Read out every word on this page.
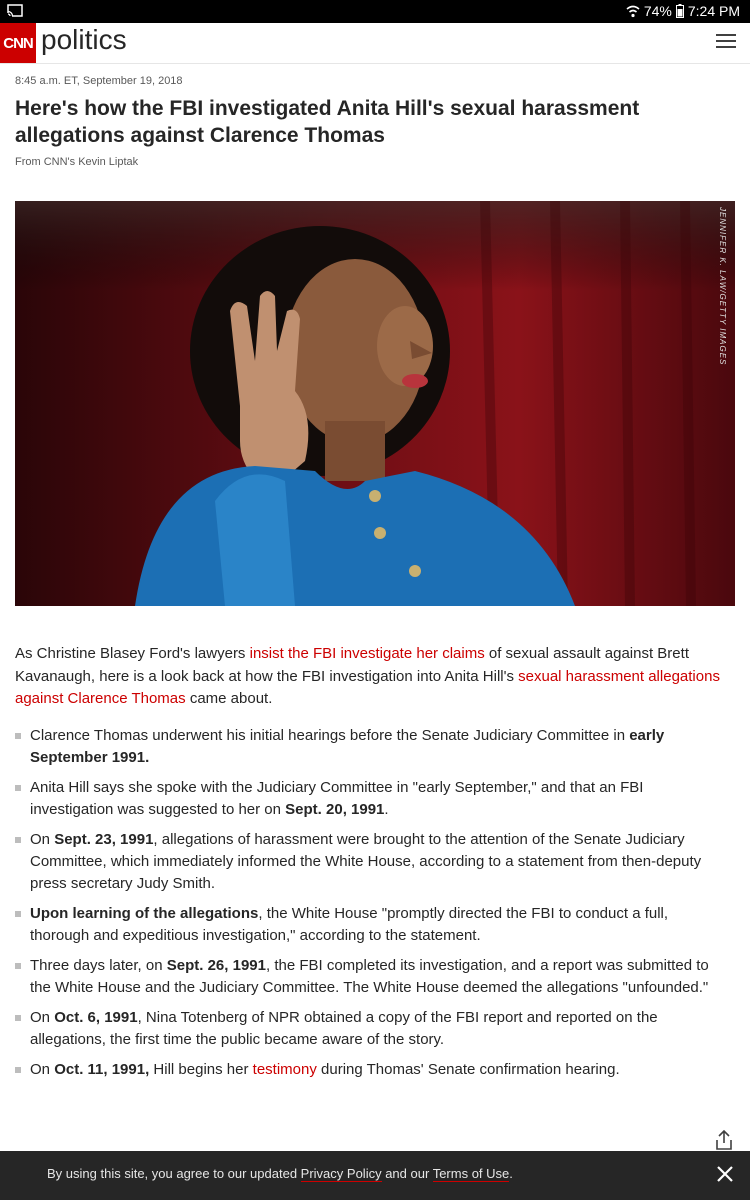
74% 7:24 PM
CNN politics
8:45 a.m. ET, September 19, 2018
Here's how the FBI investigated Anita Hill's sexual harassment allegations against Clarence Thomas
From CNN's Kevin Liptak
JENNIFER K. LAW/GETTY IMAGES

As Christine Blasey Ford's lawyers insist the FBI investigate her claims of sexual assault against Brett Kavanaugh, here is a look back at how the FBI investigation into Anita Hill's sexual harassment allegations against Clarence Thomas came about.

Clarence Thomas underwent his initial hearings before the Senate Judiciary Committee in early September 1991.
Anita Hill says she spoke with the Judiciary Committee in "early September," and that an FBI investigation was suggested to her on Sept. 20, 1991.
On Sept. 23, 1991, allegations of harassment were brought to the attention of the Senate Judiciary Committee, which immediately informed the White House, according to a statement from then-deputy press secretary Judy Smith.
Upon learning of the allegations, the White House "promptly directed the FBI to conduct a full, thorough and expeditious investigation," according to the statement.
Three days later, on Sept. 26, 1991, the FBI completed its investigation, and a report was submitted to the White House and the Judiciary Committee. The White House deemed the allegations "unfounded."
On Oct. 6, 1991, Nina Totenberg of NPR obtained a copy of the FBI report and reported on the allegations, the first time the public became aware of the story.
On Oct. 11, 1991, Hill begins her testimony during Thomas' Senate confirmation hearing.
By using this site, you agree to our updated Privacy Policy and our Terms of Use.
